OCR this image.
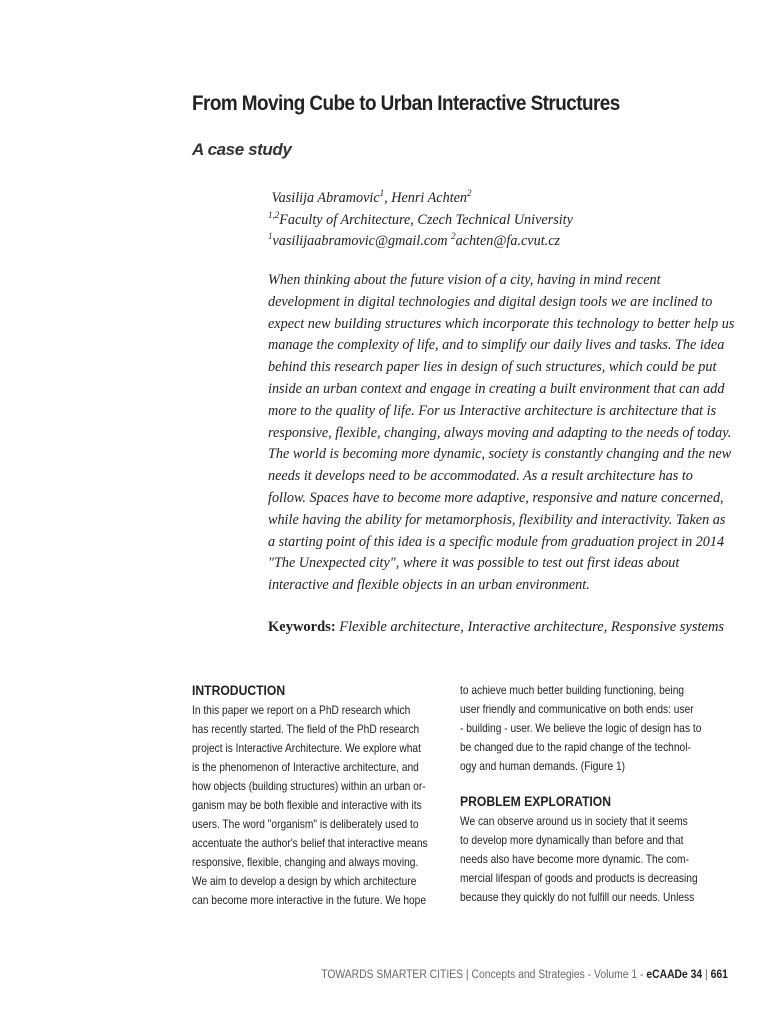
From Moving Cube to Urban Interactive Structures
A case study
Vasilija Abramovic$^1$, Henri Achten$^2$
$^{1,2}$Faculty of Architecture, Czech Technical University
$^1$vasilijaabramovic@gmail.com $^2$achten@fa.cvut.cz
When thinking about the future vision of a city, having in mind recent
development in digital technologies and digital design tools we are inclined to
expect new building structures which incorporate this technology to better help us
manage the complexity of life, and to simplify our daily lives and tasks. The idea
behind this research paper lies in design of such structures, which could be put
inside an urban context and engage in creating a built environment that can add
more to the quality of life. For us Interactive architecture is architecture that is
responsive, flexible, changing, always moving and adapting to the needs of today.
The world is becoming more dynamic, society is constantly changing and the new
needs it develops need to be accommodated. As a result architecture has to
follow. Spaces have to become more adaptive, responsive and nature concerned,
while having the ability for metamorphosis, flexibility and interactivity. Taken as
a starting point of this idea is a specific module from graduation project in 2014
"The Unexpected city", where it was possible to test out first ideas about
interactive and flexible objects in an urban environment.
Keywords: Flexible architecture, Interactive architecture, Responsive systems
INTRODUCTION
In this paper we report on a PhD research which
has recently started. The field of the PhD research
project is Interactive Architecture. We explore what
is the phenomenon of Interactive architecture, and
how objects (building structures) within an urban or-
ganism may be both flexible and interactive with its
users. The word "organism" is deliberately used to
accentuate the author's belief that interactive means
responsive, flexible, changing and always moving.
We aim to develop a design by which architecture
can become more interactive in the future. We hope
to achieve much better building functioning, being
user friendly and communicative on both ends: user
- building - user. We believe the logic of design has to
be changed due to the rapid change of the technol-
ogy and human demands. (Figure 1)
PROBLEM EXPLORATION
We can observe around us in society that it seems
to develop more dynamically than before and that
needs also have become more dynamic. The com-
mercial lifespan of goods and products is decreasing
because they quickly do not fulfill our needs. Unless
TOWARDS SMARTER CITIES | Concepts and Strategies - Volume 1 - eCAADe 34 | 661
